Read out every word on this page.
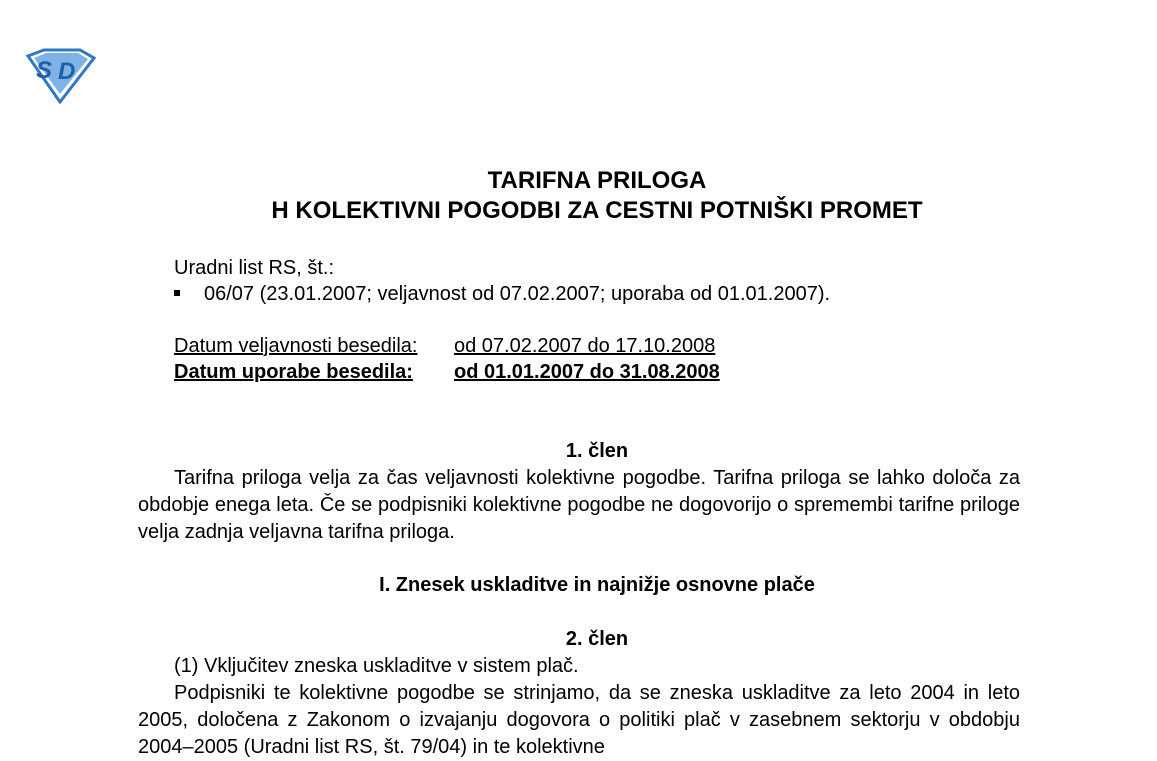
S D
TARIFNA PRILOGA
H KOLEKTIVNI POGODBI ZA CESTNI POTNIŠKI PROMET
Uradni list RS, št.:
06/07 (23.01.2007; veljavnost od 07.02.2007; uporaba od 01.01.2007).
Datum veljavnosti besedila: od 07.02.2007 do 17.10.2008
Datum uporabe besedila: od 01.01.2007 do 31.08.2008
1. člen
Tarifna priloga velja za čas veljavnosti kolektivne pogodbe. Tarifna priloga se lahko določa za obdobje enega leta. Če se podpisniki kolektivne pogodbe ne dogovorijo o spremembi tarifne priloge velja zadnja veljavna tarifna priloga.
I. Znesek uskladitve in najnižje osnovne plače
2. člen
(1) Vključitev zneska uskladitve v sistem plač.
Podpisniki te kolektivne pogodbe se strinjamo, da se zneska uskladitve za leto 2004 in leto 2005, določena z Zakonom o izvajanju dogovora o politiki plač v zasebnem sektorju v obdobju 2004–2005 (Uradni list RS, št. 79/04) in te kolektivne
